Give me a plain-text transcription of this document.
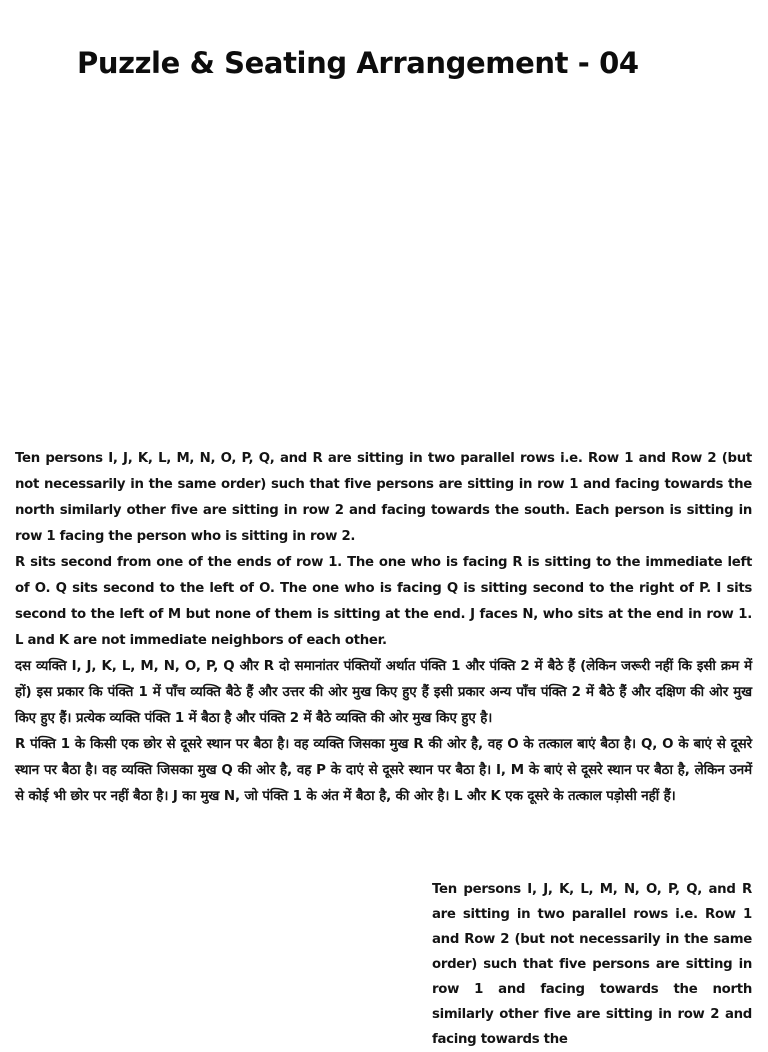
Puzzle & Seating Arrangement - 04

Ten persons I, J, K, L, M, N, O, P, Q, and R are sitting in two parallel rows i.e. Row 1 and Row 2 (but not necessarily in the same order) such that five persons are sitting in row 1 and facing towards the north similarly other five are sitting in row 2 and facing towards the south. Each person is sitting in row 1 facing the person who is sitting in row 2.

R sits second from one of the ends of row 1. The one who is facing R is sitting to the immediate left of O. Q sits second to the left of O. The one who is facing Q is sitting second to the right of P. I sits second to the left of M but none of them is sitting at the end. J faces N, who sits at the end in row 1. L and K are not immediate neighbors of each other.

दस व्यक्ति I, J, K, L, M, N, O, P, Q और R दो समानांतर पंक्तियों अर्थात पंक्ति 1 और पंक्ति 2 में बैठे हैं (लेकिन जरूरी नहीं कि इसी क्रम में हों) इस प्रकार कि पंक्ति 1 में पाँच व्यक्ति बैठे हैं और उत्तर की ओर मुख किए हुए हैं इसी प्रकार अन्य पाँच पंक्ति 2 में बैठे हैं और दक्षिण की ओर मुख किए हुए हैं। प्रत्येक व्यक्ति पंक्ति 1 में बैठा है और पंक्ति 2 में बैठे व्यक्ति की ओर मुख किए हुए है।

R पंक्ति 1 के किसी एक छोर से दूसरे स्थान पर बैठा है। वह व्यक्ति जिसका मुख R की ओर है, वह O के तत्काल बाएं बैठा है। Q, O के बाएं से दूसरे स्थान पर बैठा है। वह व्यक्ति जिसका मुख Q की ओर है, वह P के दाएं से दूसरे स्थान पर बैठा है। I, M के बाएं से दूसरे स्थान पर बैठा है, लेकिन उनमें से कोई भी छोर पर नहीं बैठा है। J का मुख N, जो पंक्ति 1 के अंत में बैठा है, की ओर है। L और K एक दूसरे के तत्काल पड़ोसी नहीं हैं।

Ten persons I, J, K, L, M, N, O, P, Q, and R are sitting in two parallel rows i.e. Row 1 and Row 2 (but not necessarily in the same order) such that five persons are sitting in row 1 and facing towards the north similarly other five are sitting in row 2 and facing towards the
